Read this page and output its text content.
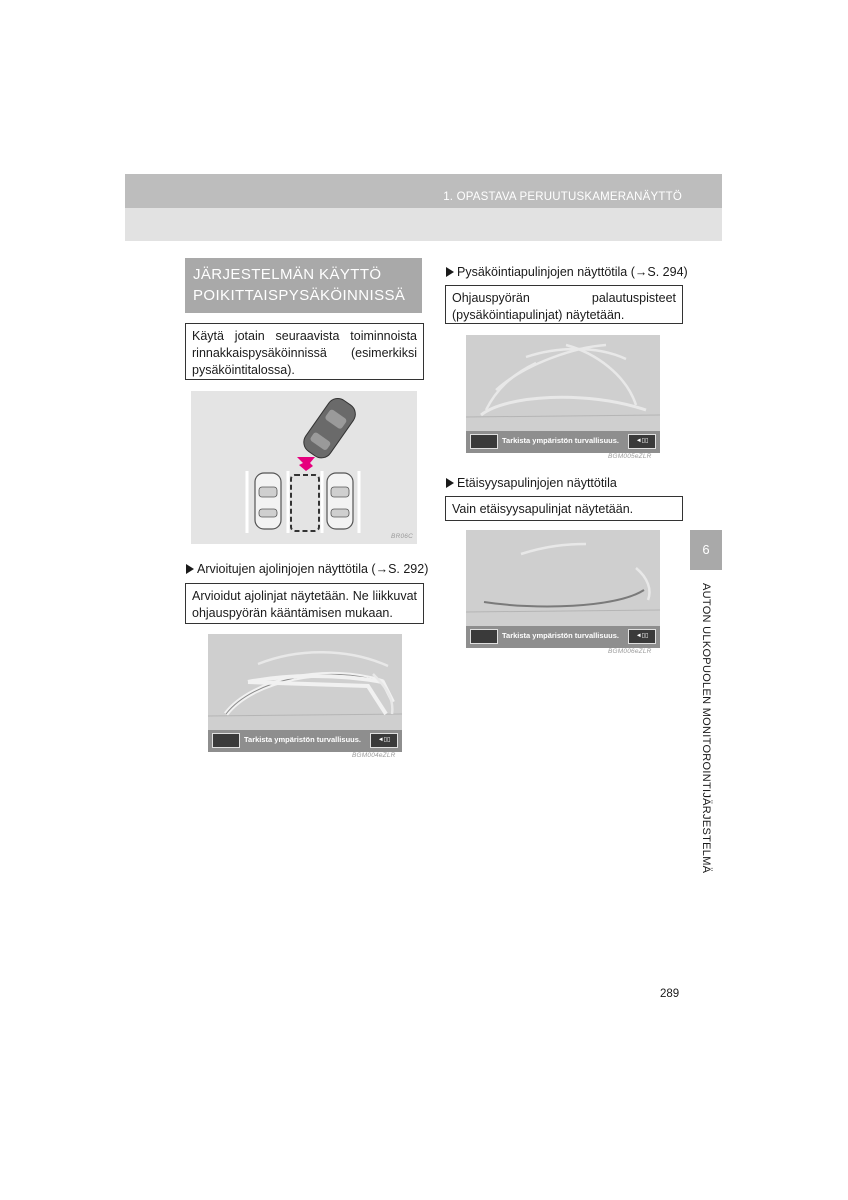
1. OPASTAVA PERUUTUSKAMERANÄYTTÖ
JÄRJESTELMÄN KÄYTTÖ
POIKITTAISPYSÄKÖINNISSÄ
Käytä jotain seuraavista toiminnoista rinnakkaispysäköinnissä (esimerkiksi pysäköintitalossa).
BR06C
Arvioitujen ajolinjojen näyttötila (→S. 292)
Arvioidut ajolinjat näytetään. Ne liikkuvat ohjauspyörän kääntämisen mukaan.
Tarkista ympäristön turvallisuus.	◄▯▯
BGM004eZLR
Pysäköintiapulinjojen näyttötila (→S. 294)
Ohjauspyörän palautuspisteet (pysäköintiapulinjat) näytetään.
Tarkista ympäristön turvallisuus.	◄▯▯
BGM005eZLR
Etäisyysapulinjojen näyttötila
Vain etäisyysapulinjat näytetään.
Tarkista ympäristön turvallisuus.	◄▯▯
BGM006eZLR
6
AUTON ULKOPUOLEN MONITOROINTIJÄRJESTELMÄ
289
